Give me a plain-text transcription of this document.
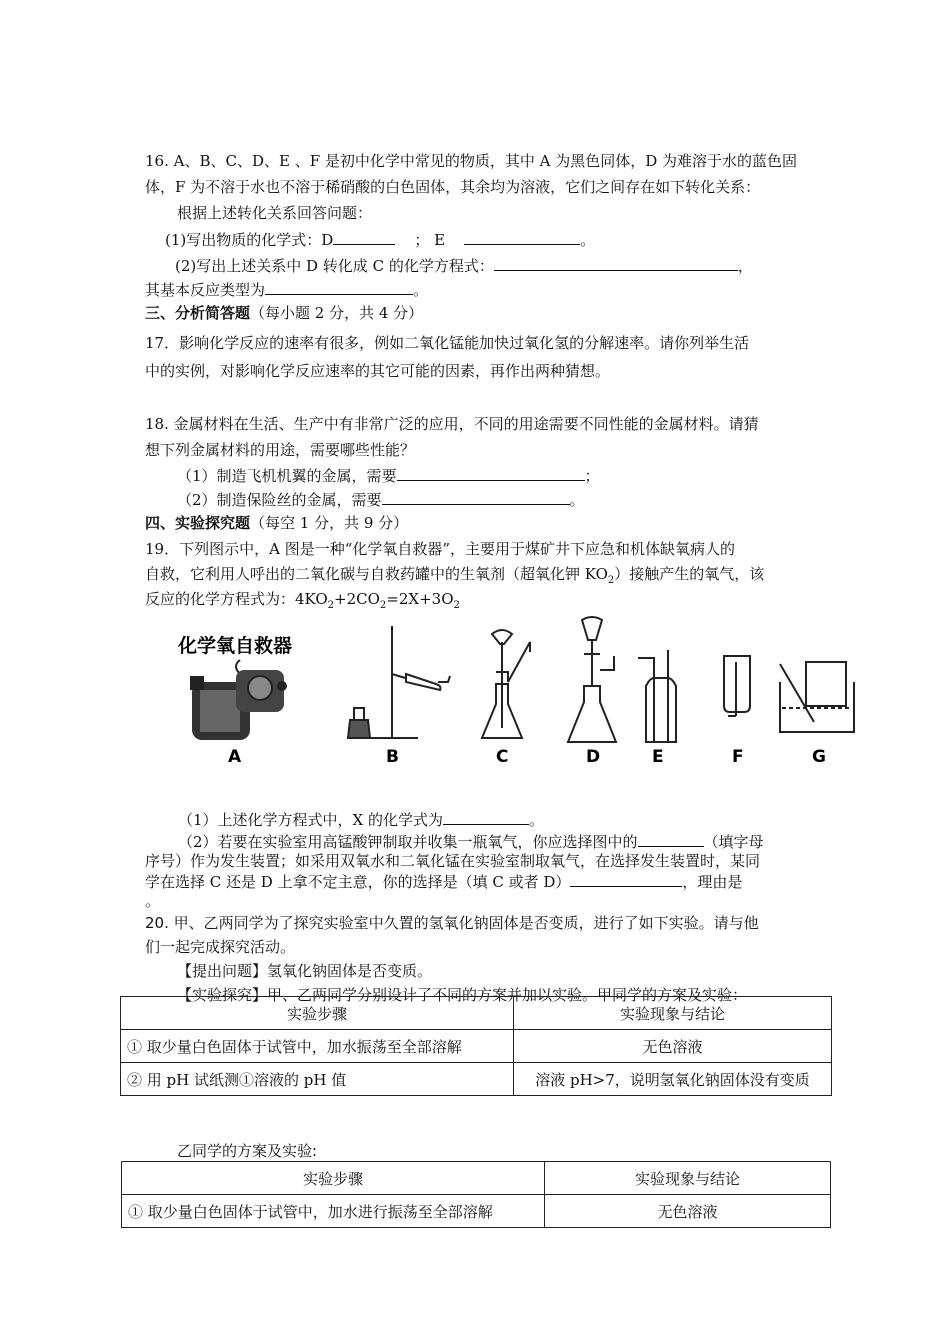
16. A、B、C、D、E 、F 是初中化学中常见的物质，其中 A 为黑色同体，D 为难溶于水的蓝色固
体，F 为不溶于水也不溶于稀硝酸的白色固体，其余均为溶液，它们之间存在如下转化关系：
根据上述转化关系回答问题：
(1)写出物质的化学式：D	； E	。
(2)写出上述关系中 D 转化成 C 的化学方程式：	，
其基本反应类型为	。
三、分析简答题（每小题 2 分，共 4 分）
17．影响化学反应的速率有很多，例如二氧化锰能加快过氧化氢的分解速率。请你列举生活
中的实例，对影响化学反应速率的其它可能的因素，再作出两种猜想。
18. 金属材料在生活、生产中有非常广泛的应用，不同的用途需要不同性能的金属材料。请猜
想下列金属材料的用途，需要哪些性能？
（1）制造飞机机翼的金属，需要	；
（2）制造保险丝的金属，需要	。
四、实验探究题（每空 1 分，共 9 分）
19．下列图示中，A 图是一种“化学氧自救器”，主要用于煤矿井下应急和机体缺氧病人的
自救，它利用人呼出的二氧化碳与自救药罐中的生氧剂（超氧化钾 $KO_2$）接触产生的氧气，该
反应的化学方程式为：$4KO_2+2CO_2=2X+3O_2$
化学氧自救器
A	B	C	D	E	F	G
（1）上述化学方程式中，X 的化学式为	。
（2）若要在实验室用高锰酸钾制取并收集一瓶氧气，你应选择图中的	（填字母
序号）作为发生装置；如采用双氧水和二氧化锰在实验室制取氧气，在选择发生装置时，某同
学在选择 C 还是 D 上拿不定主意，你的选择是（填 C 或者 D）	，理由是
。
20. 甲、乙两同学为了探究实验室中久置的氢氧化钠固体是否变质，进行了如下实验。请与他
们一起完成探究活动。
【提出问题】氢氧化钠固体是否变质。
【实验探究】甲、乙两同学分别设计了不同的方案并加以实验。甲同学的方案及实验：
实验步骤	实验现象与结论
① 取少量白色固体于试管中，加水振荡至全部溶解	无色溶液
② 用 pH 试纸测①溶液的 pH 值	溶液 pH>7，说明氢氧化钠固体没有变质
乙同学的方案及实验:
实验步骤	实验现象与结论
① 取少量白色固体于试管中，加水进行振荡至全部溶解	无色溶液
